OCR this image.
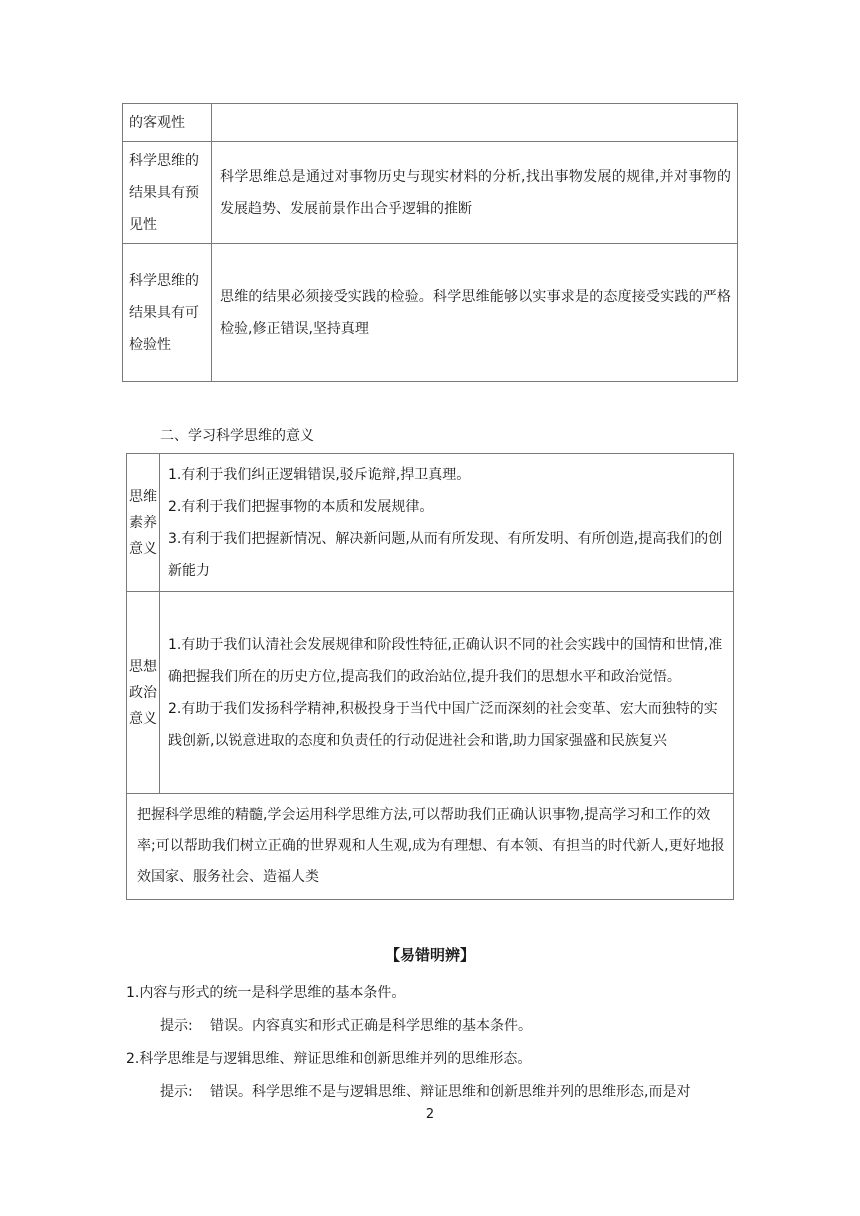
的客观性	
科学思维的结果具有预见性	科学思维总是通过对事物历史与现实材料的分析,找出事物发展的规律,并对事物的发展趋势、发展前景作出合乎逻辑的推断
科学思维的结果具有可检验性	思维的结果必须接受实践的检验。科学思维能够以实事求是的态度接受实践的严格检验,修正错误,坚持真理
二、学习科学思维的意义
思维素养意义	1.有利于我们纠正逻辑错误,驳斥诡辩,捍卫真理。
2.有利于我们把握事物的本质和发展规律。
3.有利于我们把握新情况、解决新问题,从而有所发现、有所发明、有所创造,提高我们的创新能力

思想政治意义	1.有助于我们认清社会发展规律和阶段性特征,正确认识不同的社会实践中的国情和世情,准确把握我们所在的历史方位,提高我们的政治站位,提升我们的思想水平和政治觉悟。
2.有助于我们发扬科学精神,积极投身于当代中国广泛而深刻的社会变革、宏大而独特的实践创新,以锐意进取的态度和负责任的行动促进社会和谐,助力国家强盛和民族复兴

把握科学思维的精髓,学会运用科学思维方法,可以帮助我们正确认识事物,提高学习和工作的效率;可以帮助我们树立正确的世界观和人生观,成为有理想、有本领、有担当的时代新人,更好地报效国家、服务社会、造福人类	
【易错明辨】
1.内容与形式的统一是科学思维的基本条件。
提示: 错误。内容真实和形式正确是科学思维的基本条件。
2.科学思维是与逻辑思维、辩证思维和创新思维并列的思维形态。
提示: 错误。科学思维不是与逻辑思维、辩证思维和创新思维并列的思维形态,而是对
2
